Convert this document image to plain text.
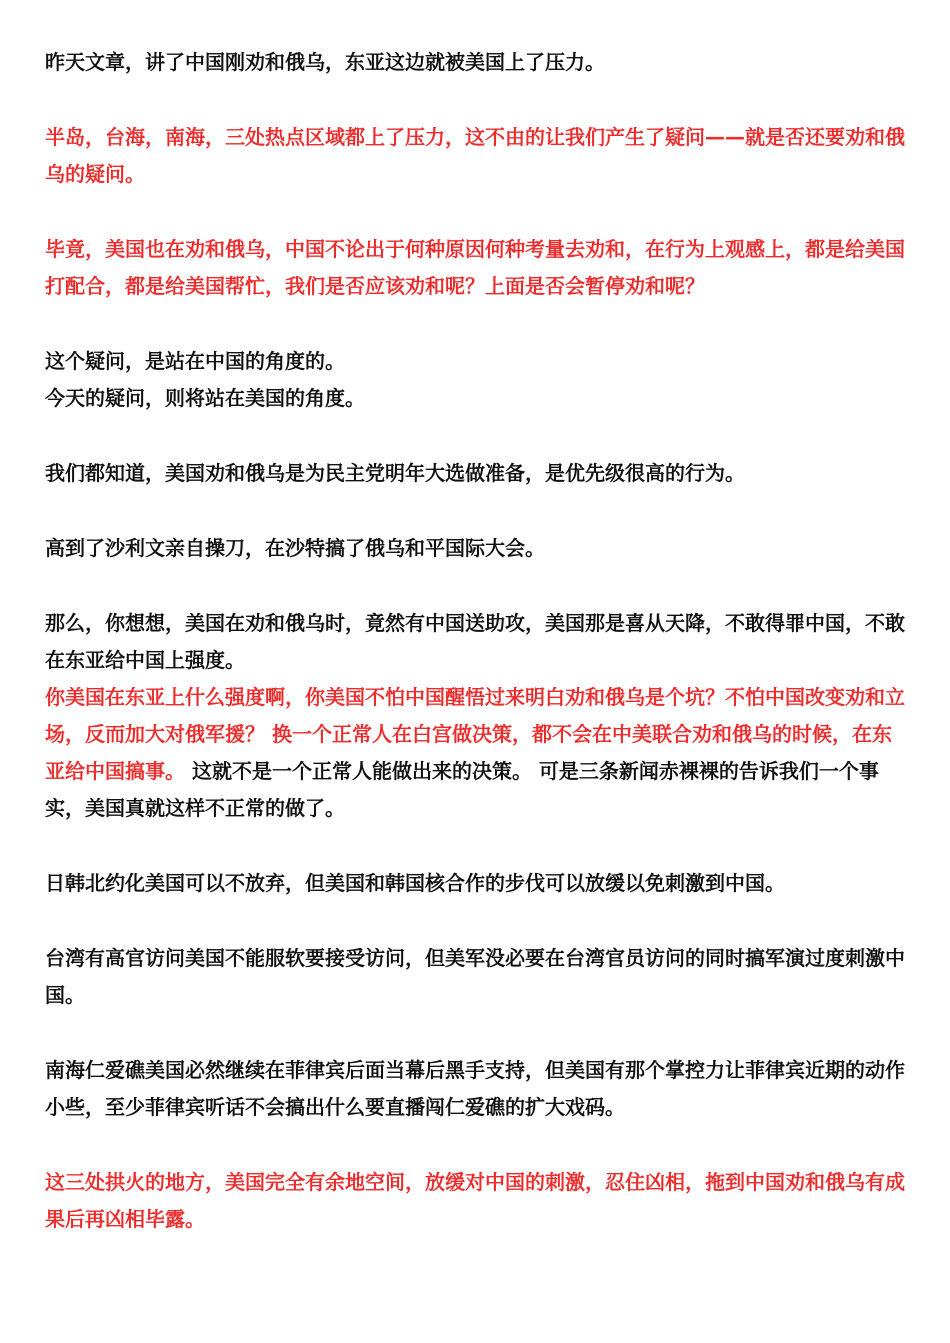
昨天文章，讲了中国刚劝和俄乌，东亚这边就被美国上了压力。

半岛，台海，南海，三处热点区域都上了压力，这不由的让我们产生了疑问——就是否还要劝和俄乌的疑问。

毕竟，美国也在劝和俄乌，中国不论出于何种原因何种考量去劝和，在行为上观感上，都是给美国打配合，都是给美国帮忙，我们是否应该劝和呢？上面是否会暂停劝和呢？

这个疑问，是站在中国的角度的。

今天的疑问，则将站在美国的角度。

我们都知道，美国劝和俄乌是为民主党明年大选做准备，是优先级很高的行为。

高到了沙利文亲自操刀，在沙特搞了俄乌和平国际大会。

那么，你想想，美国在劝和俄乌时，竟然有中国送助攻，美国那是喜从天降，不敢得罪中国，不敢在东亚给中国上强度。

你美国在东亚上什么强度啊，你美国不怕中国醒悟过来明白劝和俄乌是个坑？不怕中国改变劝和立场，反而加大对俄军援？ 换一个正常人在白宫做决策，都不会在中美联合劝和俄乌的时候，在东亚给中国搞事。 这就不是一个正常人能做出来的决策。 可是三条新闻赤裸裸的告诉我们一个事实，美国真就这样不正常的做了。

日韩北约化美国可以不放弃，但美国和韩国核合作的步伐可以放缓以免刺激到中国。

台湾有高官访问美国不能服软要接受访问，但美军没必要在台湾官员访问的同时搞军演过度刺激中国。

南海仁爱礁美国必然继续在菲律宾后面当幕后黑手支持，但美国有那个掌控力让菲律宾近期的动作小些，至少菲律宾听话不会搞出什么要直播闯仁爱礁的扩大戏码。

这三处拱火的地方，美国完全有余地空间，放缓对中国的刺激，忍住凶相，拖到中国劝和俄乌有成果后再凶相毕露。
